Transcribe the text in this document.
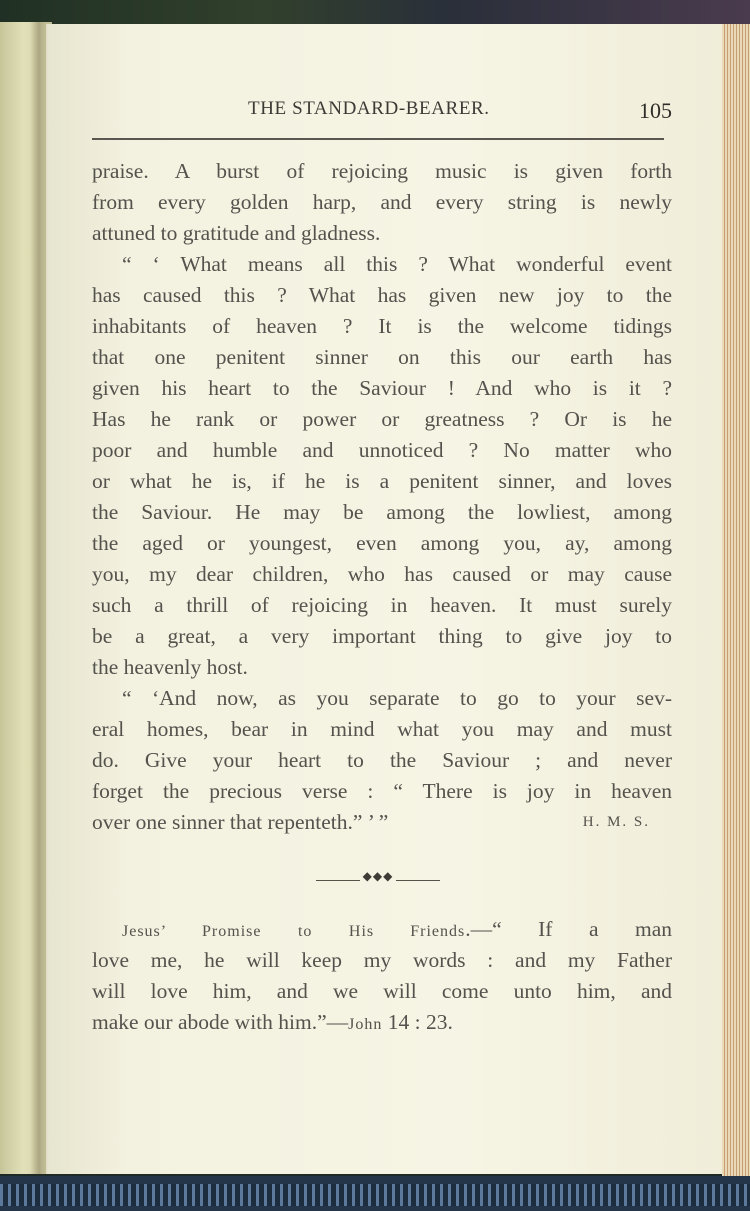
THE STANDARD-BEARER.	105
praise. A burst of rejoicing music is given forth
from every golden harp, and every string is newly
attuned to gratitude and gladness.
“ ‘ What means all this ? What wonderful event
has caused this ? What has given new joy to the
inhabitants of heaven ? It is the welcome tidings
that one penitent sinner on this our earth has
given his heart to the Saviour ! And who is it ?
Has he rank or power or greatness ? Or is he
poor and humble and unnoticed ? No matter who
or what he is, if he is a penitent sinner, and loves
the Saviour. He may be among the lowliest, among
the aged or youngest, even among you, ay, among
you, my dear children, who has caused or may cause
such a thrill of rejoicing in heaven. It must surely
be a great, a very important thing to give joy to
the heavenly host.
“ ‘And now, as you separate to go to your sev-
eral homes, bear in mind what you may and must
do. Give your heart to the Saviour ; and never
forget the precious verse : “ There is joy in heaven
over one sinner that repenteth.” ’ ”	H. M. S.
◆◆◆
Jesus’ Promise to His Friends.—“ If a man
love me, he will keep my words : and my Father
will love him, and we will come unto him, and
make our abode with him.”—John 14 : 23.
